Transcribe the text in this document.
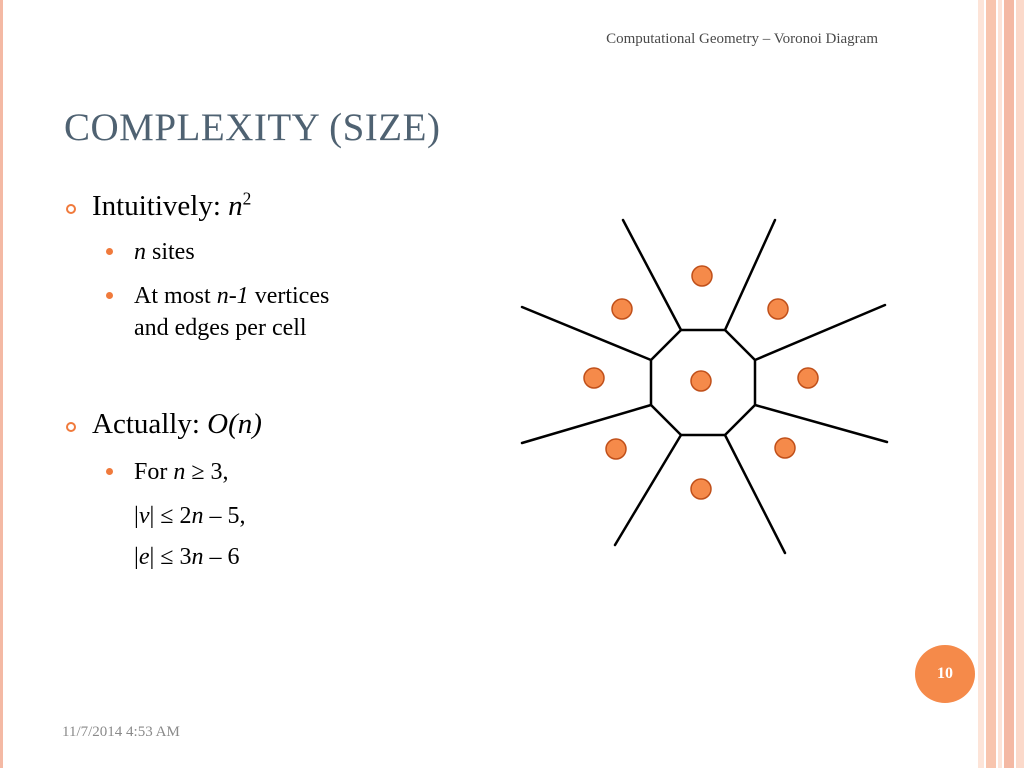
Computational Geometry – Voronoi Diagram
COMPLEXITY (SIZE)
Intuitively: $n^2$
n sites
At most n-1 vertices
and edges per cell
Actually: O(n)
For n ≥ 3,
|v| ≤ 2n – 5,
|e| ≤ 3n – 6
10
11/7/2014 4:53 AM
